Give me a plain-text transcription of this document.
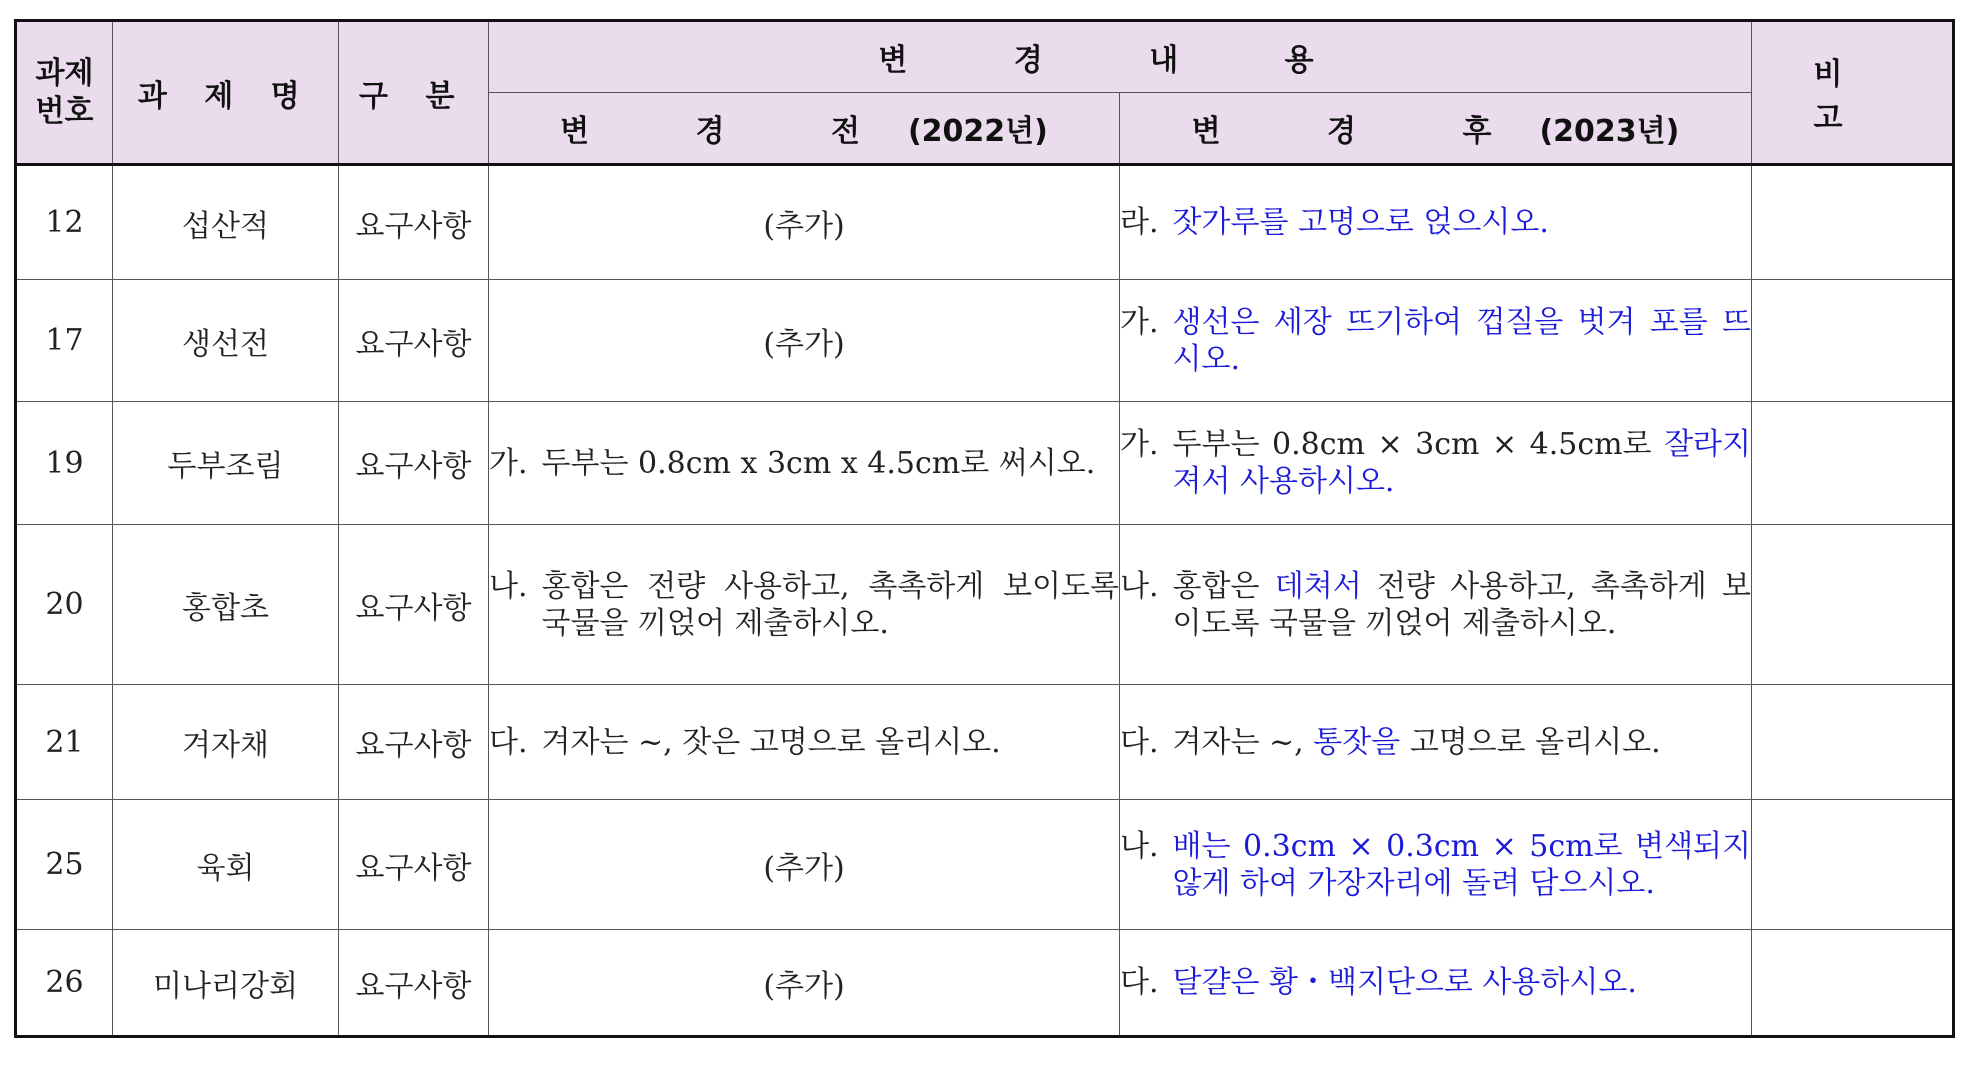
과제
번호	과 제 명	구 분	변 경 내 용		비 고
			변 경 전(2022년)	변 경 후(2023년)	
12	섭산적	요구사항	(추가)	라. 잣가루를 고명으로 얹으시오.	

17	생선전	요구사항	(추가)	가. 생선은 세장 뜨기하여 껍질을 벗겨 포를 뜨시오.	

19	두부조림	요구사항	가. 두부는 0.8cm x 3cm x 4.5cm로 써시오.	가. 두부는 0.8cm × 3cm × 4.5cm로 잘라지져서 사용하시오.	

20	홍합초	요구사항	나. 홍합은 전량 사용하고, 촉촉하게 보이도록 국물을 끼얹어 제출하시오.	나. 홍합은 데쳐서 전량 사용하고, 촉촉하게 보이도록 국물을 끼얹어 제출하시오.	

21	겨자채	요구사항	다. 겨자는 ~, 잣은 고명으로 올리시오.	다. 겨자는 ~, 통잣을 고명으로 올리시오.	

25	육회	요구사항	(추가)	나. 배는 0.3cm × 0.3cm × 5cm로 변색되지 않게 하여 가장자리에 돌려 담으시오.	

26	미나리강회	요구사항	(추가)	다. 달걀은 황・백지단으로 사용하시오.	
